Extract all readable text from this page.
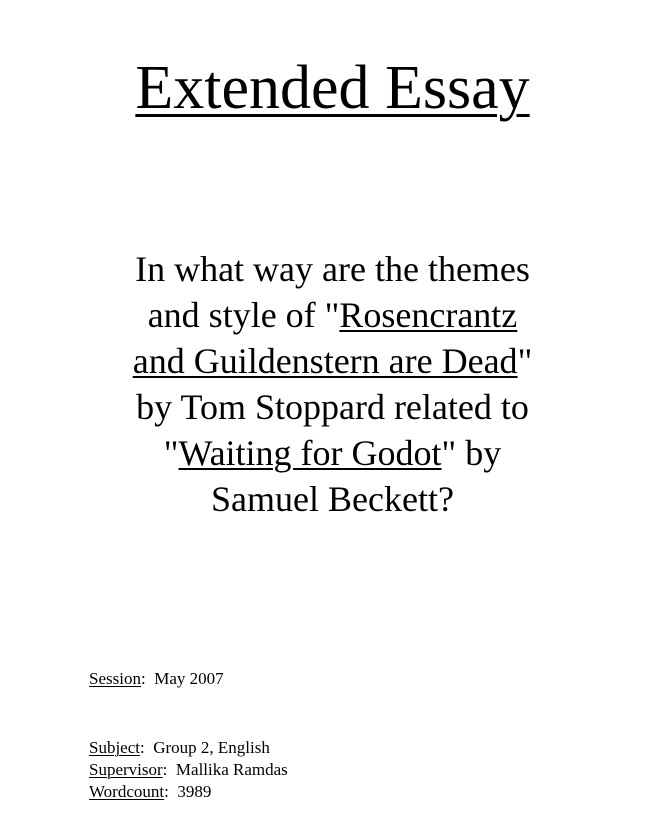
Extended Essay
In what way are the themes
and style of "Rosencrantz
and Guildenstern are Dead"
by Tom Stoppard related to
"Waiting for Godot" by
Samuel Beckett?
Session:  May 2007
Subject:  Group 2, English
Supervisor:  Mallika Ramdas
Wordcount:  3989
